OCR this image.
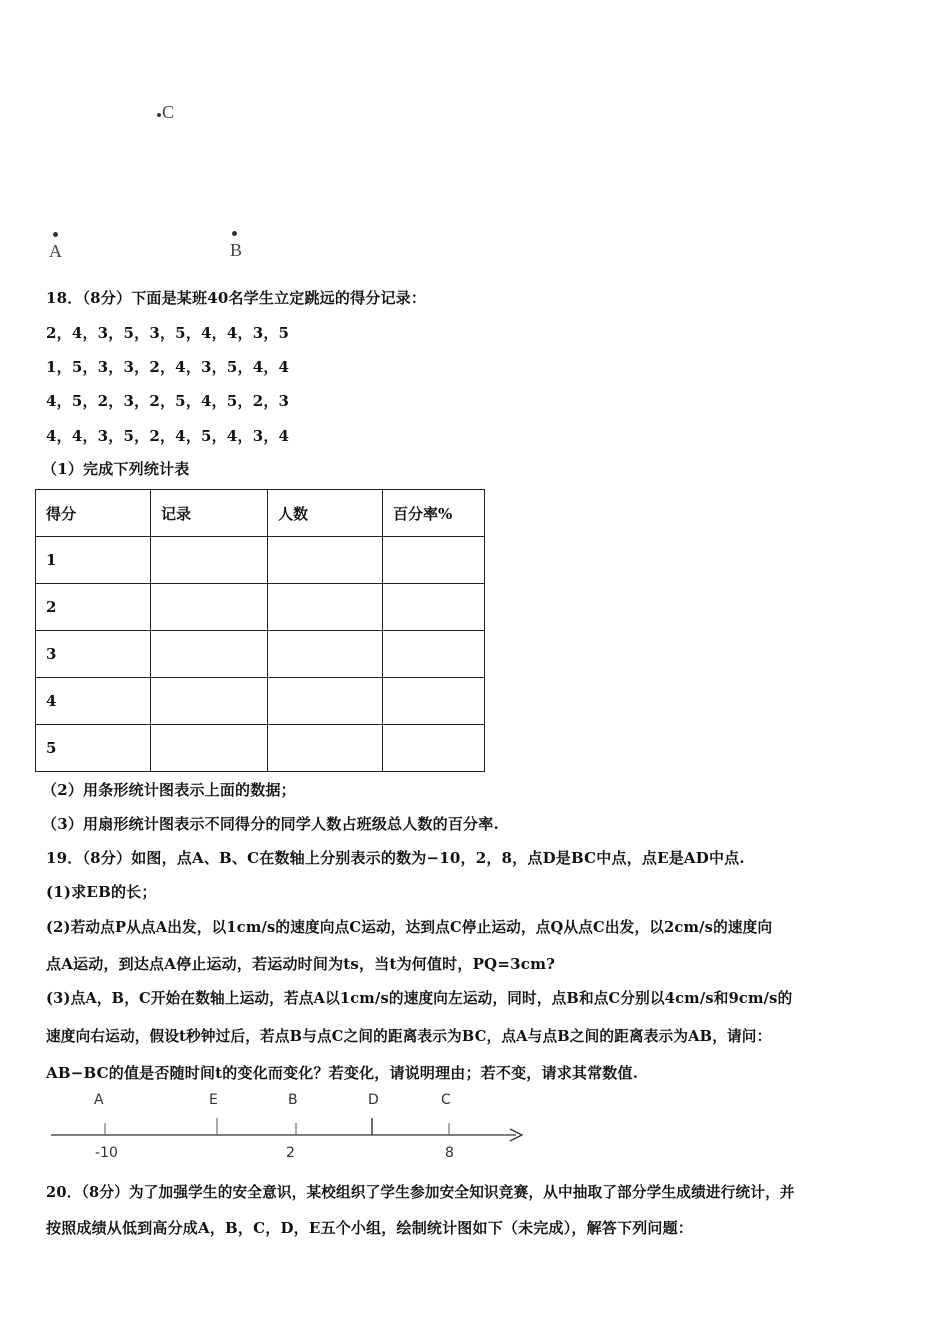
C
A	B
18．（8分）下面是某班40名学生立定跳远的得分记录：
2，4，3，5，3，5，4，4，3，5
1，5，3，3，2，4，3，5，4，4
4，5，2，3，2，5，4，5，2，3
4，4，3，5，2，4，5，4，3，4
（1）完成下列统计表
得分	记录	人数	百分率%
1			
2			
3			
4			
5			
（2）用条形统计图表示上面的数据；
（3）用扇形统计图表示不同得分的同学人数占班级总人数的百分率.
19．（8分）如图，点A、B、C在数轴上分别表示的数为−10，2，8，点D是BC中点，点E是AD中点.
(1)求EB的长；
(2)若动点P从点A出发，以1cm/s的速度向点C运动，达到点C停止运动，点Q从点C出发，以2cm/s的速度向
点A运动，到达点A停止运动，若运动时间为ts，当t为何值时，PQ=3cm?
(3)点A，B，C开始在数轴上运动，若点A以1cm/s的速度向左运动，同时，点B和点C分别以4cm/s和9cm/s的
速度向右运动，假设t秒钟过后，若点B与点C之间的距离表示为BC，点A与点B之间的距离表示为AB，请问：
AB−BC的值是否随时间t的变化而变化？若变化，请说明理由；若不变，请求其常数值.
A	E	B	D	C
-10	2	8
20．（8分）为了加强学生的安全意识，某校组织了学生参加安全知识竞赛，从中抽取了部分学生成绩进行统计，并
按照成绩从低到高分成A，B，C，D，E五个小组，绘制统计图如下（未完成），解答下列问题：
